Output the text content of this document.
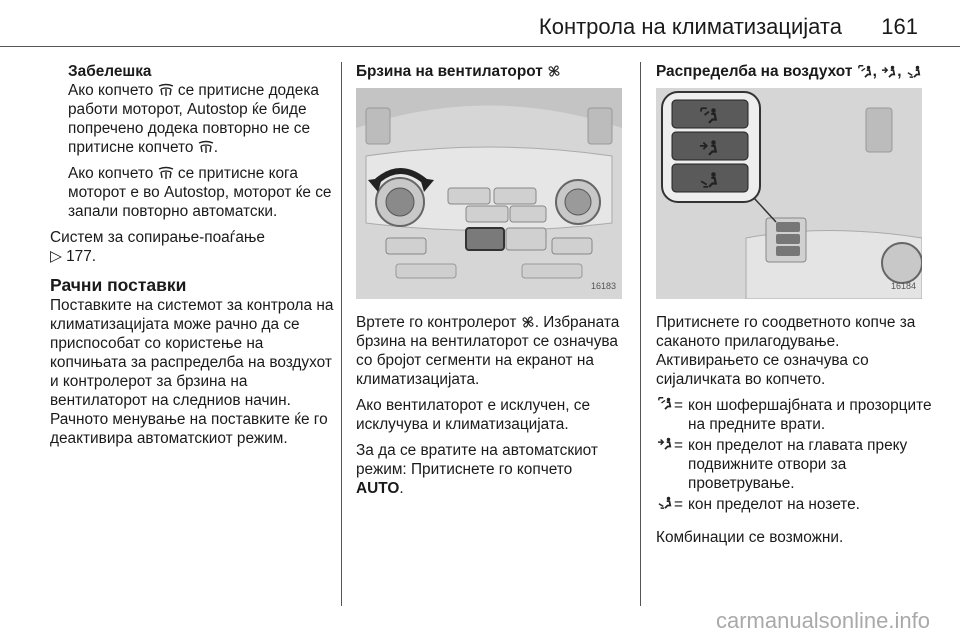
Контрола на климатизацијата 161
Забелешка
Ако копчето се притисне додека работи моторот, Autostop ќе биде попречено додека повторно не се притисне копчето .
Ако копчето се притисне кога моторот е во Autostop, моторот ќе се запали повторно автоматски.
Систем за сопирање-поаѓање
▷ 177.
Рачни поставки
Поставките на системот за контрола на климатизацијата може рачно да се приспособат со користење на копчињата за распределба на воздухот и контролерот за брзина на вентилаторот на следниов начин. Рачното менување на поставките ќе го деактивира автоматскиот режим.
Брзина на вентилаторот
16183
Вртете го контролерот . Избраната брзина на вентилаторот се означува со бројот сегменти на екранот на климатизацијата.
Ако вентилаторот е исклучен, се исклучува и климатизацијата.
За да се вратите на автоматскиот режим: Притиснете го копчето
AUTO.
Распределба на воздухот , ,
16184
Притиснете го соодветното копче за саканото прилагодување. Активирањето се означува со сијаличката во копчето.
= кон шофершајбната и прозорците на предните врати.
= кон пределот на главата преку подвижните отвори за проветрување.
= кон пределот на нозете.
Комбинации се возможни.
carmanualsonline.info
